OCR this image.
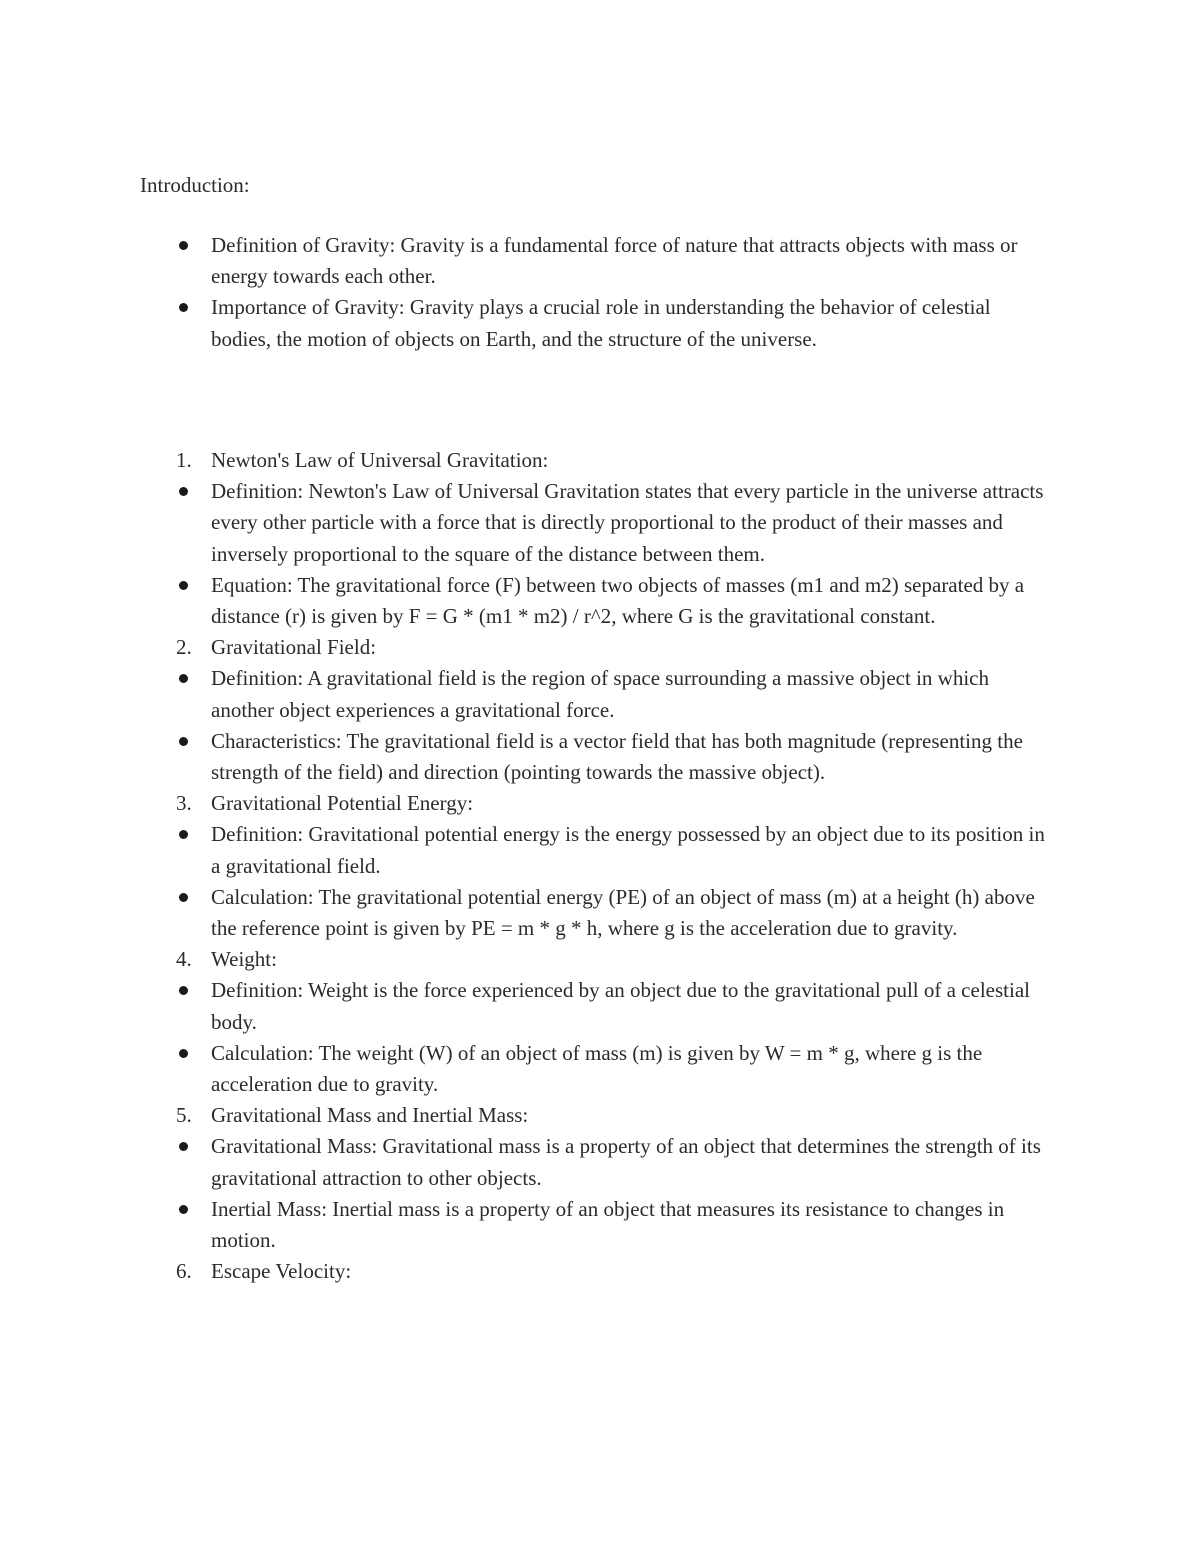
Introduction:

Definition of Gravity: Gravity is a fundamental force of nature that attracts objects with mass or energy towards each other.
Importance of Gravity: Gravity plays a crucial role in understanding the behavior of celestial bodies, the motion of objects on Earth, and the structure of the universe.
1. Newton's Law of Universal Gravitation:
Definition: Newton's Law of Universal Gravitation states that every particle in the universe attracts every other particle with a force that is directly proportional to the product of their masses and inversely proportional to the square of the distance between them.
Equation: The gravitational force (F) between two objects of masses (m1 and m2) separated by a distance (r) is given by F = G * (m1 * m2) / r^2, where G is the gravitational constant.
2. Gravitational Field:
Definition: A gravitational field is the region of space surrounding a massive object in which another object experiences a gravitational force.
Characteristics: The gravitational field is a vector field that has both magnitude (representing the strength of the field) and direction (pointing towards the massive object).
3. Gravitational Potential Energy:
Definition: Gravitational potential energy is the energy possessed by an object due to its position in a gravitational field.
Calculation: The gravitational potential energy (PE) of an object of mass (m) at a height (h) above the reference point is given by PE = m * g * h, where g is the acceleration due to gravity.
4. Weight:
Definition: Weight is the force experienced by an object due to the gravitational pull of a celestial body.
Calculation: The weight (W) of an object of mass (m) is given by W = m * g, where g is the acceleration due to gravity.
5. Gravitational Mass and Inertial Mass:
Gravitational Mass: Gravitational mass is a property of an object that determines the strength of its gravitational attraction to other objects.
Inertial Mass: Inertial mass is a property of an object that measures its resistance to changes in motion.
6. Escape Velocity:
